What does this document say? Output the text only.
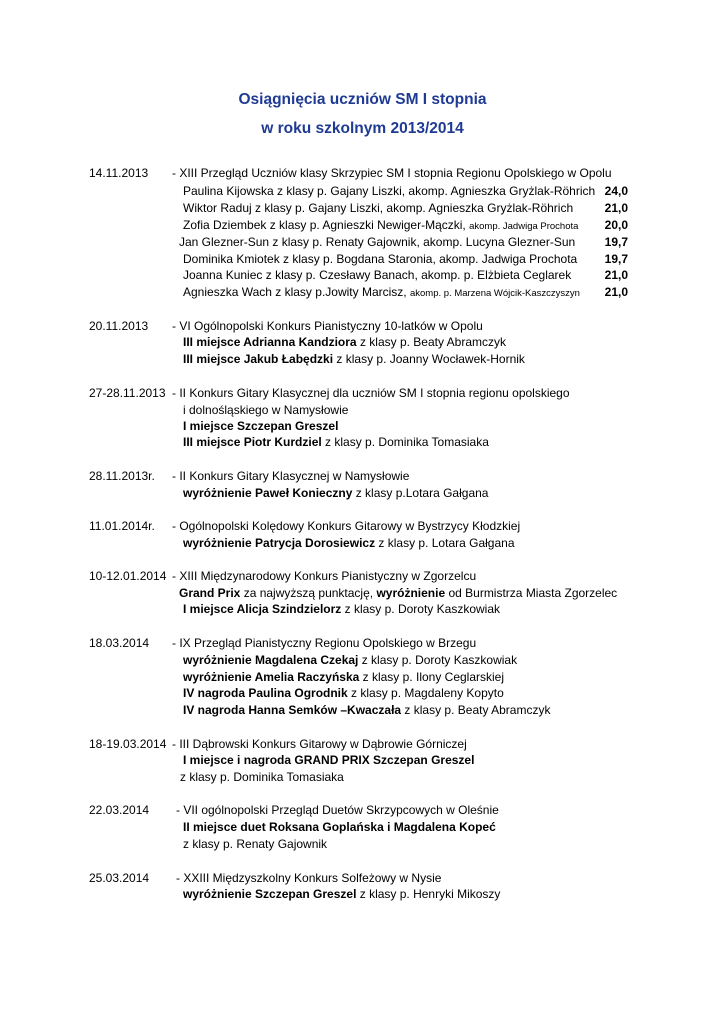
Osiągnięcia uczniów SM I stopnia
w roku szkolnym 2013/2014
14.11.2013 - XIII Przegląd Uczniów klasy Skrzypiec SM I stopnia Regionu Opolskiego w Opolu
Paulina Kijowska z klasy p. Gajany Liszki, akomp. Agnieszka Gryżlak-Röhrich 24,0
Wiktor Raduj z klasy p. Gajany Liszki, akomp. Agnieszka Gryżlak-Röhrich	21,0
Zofia Dziembek z klasy p. Agnieszki Newiger-Mączki, akomp. Jadwiga Prochota	20,0
Jan Glezner-Sun z klasy p. Renaty Gajownik, akomp. Lucyna Glezner-Sun	19,7
Dominika Kmiotek z klasy p. Bogdana Staronia, akomp. Jadwiga Prochota	19,7
Joanna Kuniec z klasy p. Czesławy Banach, akomp. p. Elżbieta Ceglarek	21,0
Agnieszka Wach z klasy p.Jowity Marcisz, akomp. p. Marzena Wójcik-Kaszczyszyn	21,0
20.11.2013 - VI Ogólnopolski Konkurs Pianistyczny 10-latków w Opolu
III miejsce Adrianna Kandziora z klasy p. Beaty Abramczyk
III miejsce Jakub Łabędzki z klasy p. Joanny Wocławek-Hornik
27-28.11.2013 - II Konkurs Gitary Klasycznej dla uczniów SM I stopnia regionu opolskiego
i dolnośląskiego w Namysłowie
I miejsce Szczepan Greszel
III miejsce Piotr Kurdziel z klasy p. Dominika Tomasiaka
28.11.2013r. - II Konkurs Gitary Klasycznej w Namysłowie
wyróżnienie Paweł Konieczny z klasy p.Lotara Gałgana
11.01.2014r. - Ogólnopolski Kolędowy Konkurs Gitarowy w Bystrzycy Kłodzkiej
wyróżnienie Patrycja Dorosiewicz z klasy p. Lotara Gałgana
10-12.01.2014 - XIII Międzynarodowy Konkurs Pianistyczny w Zgorzelcu
Grand Prix za najwyższą punktację, wyróżnienie od Burmistrza Miasta Zgorzelec
I miejsce Alicja Szindzielorz z klasy p. Doroty Kaszkowiak
18.03.2014 - IX Przegląd Pianistyczny Regionu Opolskiego w Brzegu
wyróżnienie Magdalena Czekaj z klasy p. Doroty Kaszkowiak
wyróżnienie Amelia Raczyńska z klasy p. Ilony Ceglarskiej
IV nagroda Paulina Ogrodnik z klasy p. Magdaleny Kopyto
IV nagroda Hanna Semków –Kwaczała z klasy p. Beaty Abramczyk
18-19.03.2014 - III Dąbrowski Konkurs Gitarowy w Dąbrowie Górniczej
I miejsce i nagroda GRAND PRIX Szczepan Greszel
z klasy p. Dominika Tomasiaka
22.03.2014 - VII ogólnopolski Przegląd Duetów Skrzypcowych w Oleśnie
II miejsce duet Roksana Goplańska i Magdalena Kopeć
z klasy p. Renaty Gajownik
25.03.2014 - XXIII Międzyszkolny Konkurs Solfeżowy w Nysie
wyróżnienie Szczepan Greszel z klasy p. Henryki Mikoszy
